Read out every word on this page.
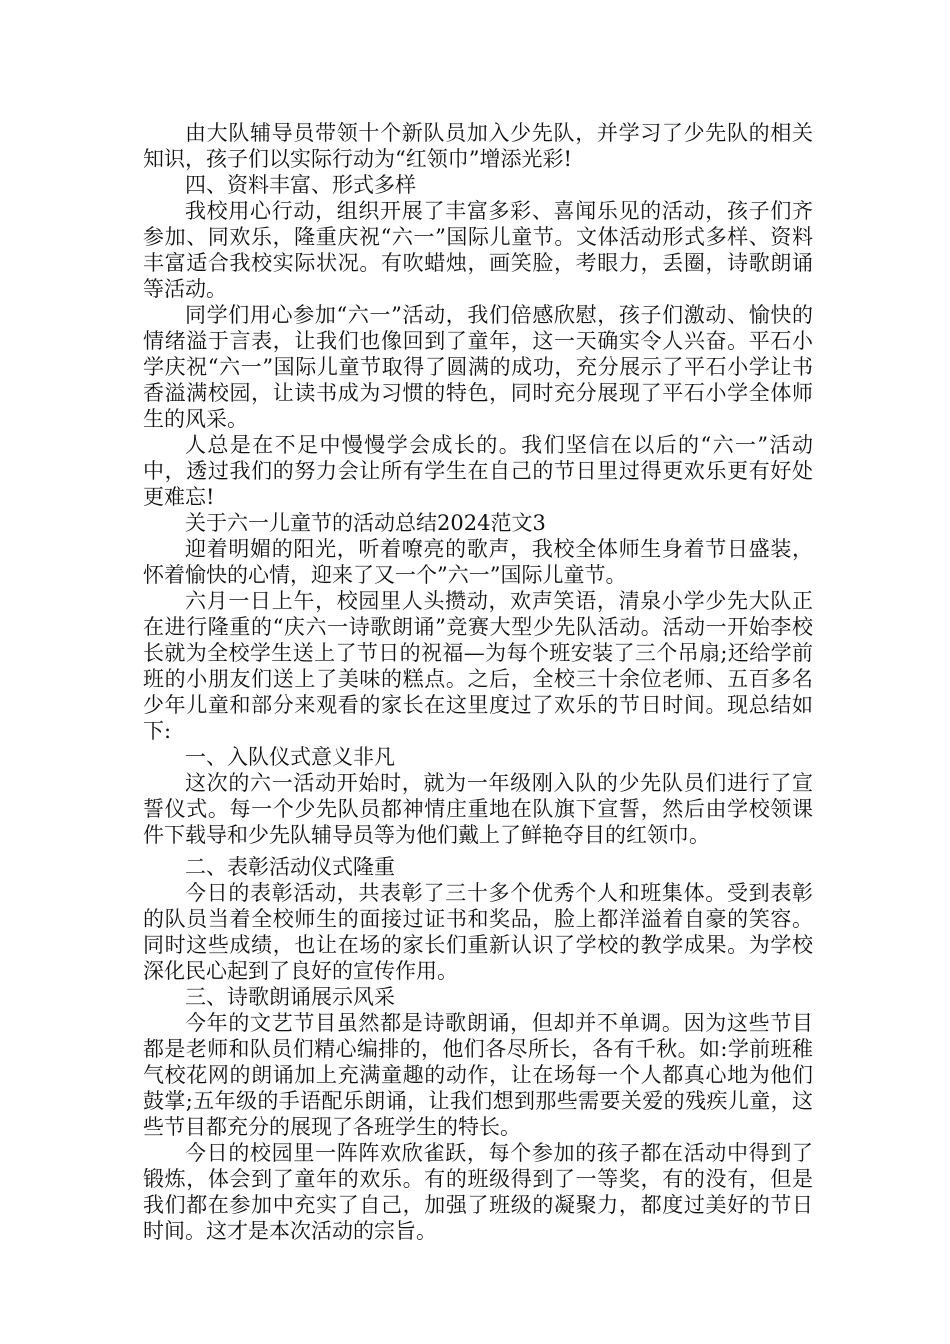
由大队辅导员带领十个新队员加入少先队，并学习了少先队的相关知识，孩子们以实际行动为“红领巾”增添光彩!

四、资料丰富、形式多样

我校用心行动，组织开展了丰富多彩、喜闻乐见的活动，孩子们齐参加、同欢乐，隆重庆祝“六一”国际儿童节。文体活动形式多样、资料丰富适合我校实际状况。有吹蜡烛，画笑脸，考眼力，丢圈，诗歌朗诵等活动。

同学们用心参加“六一”活动，我们倍感欣慰，孩子们激动、愉快的情绪溢于言表，让我们也像回到了童年，这一天确实令人兴奋。平石小学庆祝“六一”国际儿童节取得了圆满的成功，充分展示了平石小学让书香溢满校园，让读书成为习惯的特色，同时充分展现了平石小学全体师生的风采。

人总是在不足中慢慢学会成长的。我们坚信在以后的“六一”活动中，透过我们的努力会让所有学生在自己的节日里过得更欢乐更有好处更难忘!

关于六一儿童节的活动总结2024范文3

迎着明媚的阳光，听着嘹亮的歌声，我校全体师生身着节日盛装，怀着愉快的心情，迎来了又一个”六一”国际儿童节。

六月一日上午，校园里人头攒动，欢声笑语，清泉小学少先大队正在进行隆重的“庆六一诗歌朗诵”竞赛大型少先队活动。活动一开始李校长就为全校学生送上了节日的祝福—为每个班安装了三个吊扇;还给学前班的小朋友们送上了美味的糕点。之后，全校三十余位老师、五百多名少年儿童和部分来观看的家长在这里度过了欢乐的节日时间。现总结如下:

一、入队仪式意义非凡

这次的六一活动开始时，就为一年级刚入队的少先队员们进行了宣誓仪式。每一个少先队员都神情庄重地在队旗下宣誓，然后由学校领课件下载导和少先队辅导员等为他们戴上了鲜艳夺目的红领巾。

二、表彰活动仪式隆重

今日的表彰活动，共表彰了三十多个优秀个人和班集体。受到表彰的队员当着全校师生的面接过证书和奖品，脸上都洋溢着自豪的笑容。同时这些成绩，也让在场的家长们重新认识了学校的教学成果。为学校深化民心起到了良好的宣传作用。

三、诗歌朗诵展示风采

今年的文艺节目虽然都是诗歌朗诵，但却并不单调。因为这些节目都是老师和队员们精心编排的，他们各尽所长，各有千秋。如:学前班稚气校花网的朗诵加上充满童趣的动作，让在场每一个人都真心地为他们鼓掌;五年级的手语配乐朗诵，让我们想到那些需要关爱的残疾儿童，这些节目都充分的展现了各班学生的特长。

今日的校园里一阵阵欢欣雀跃，每个参加的孩子都在活动中得到了锻炼，体会到了童年的欢乐。有的班级得到了一等奖，有的没有，但是我们都在参加中充实了自己，加强了班级的凝聚力，都度过美好的节日时间。这才是本次活动的宗旨。
